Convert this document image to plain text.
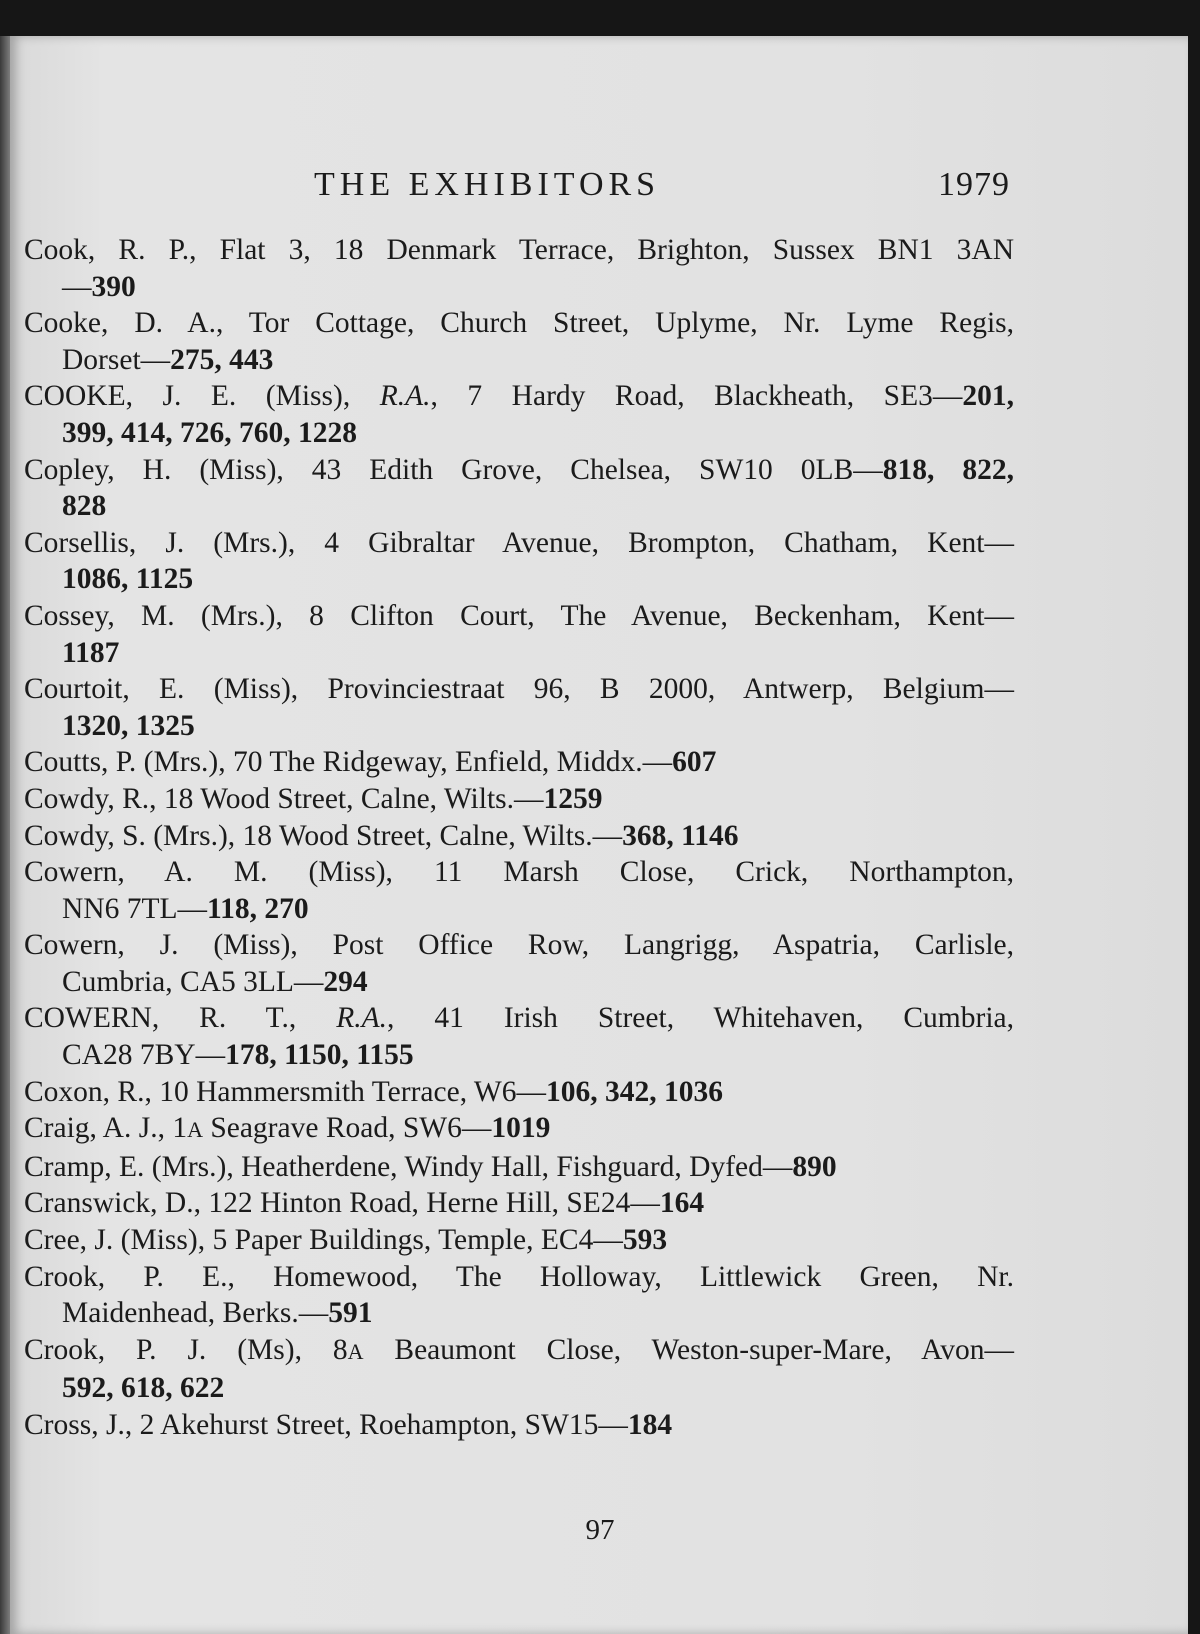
THE EXHIBITORS	1979
Cook, R. P., Flat 3, 18 Denmark Terrace, Brighton, Sussex BN1 3AN
—390
Cooke, D. A., Tor Cottage, Church Street, Uplyme, Nr. Lyme Regis,
Dorset—275, 443
COOKE, J. E. (Miss), R.A., 7 Hardy Road, Blackheath, SE3—201,
399, 414, 726, 760, 1228
Copley, H. (Miss), 43 Edith Grove, Chelsea, SW10 0LB—818, 822,
828
Corsellis, J. (Mrs.), 4 Gibraltar Avenue, Brompton, Chatham, Kent—
1086, 1125
Cossey, M. (Mrs.), 8 Clifton Court, The Avenue, Beckenham, Kent—
1187
Courtoit, E. (Miss), Provinciestraat 96, B 2000, Antwerp, Belgium—
1320, 1325
Coutts, P. (Mrs.), 70 The Ridgeway, Enfield, Middx.—607
Cowdy, R., 18 Wood Street, Calne, Wilts.—1259
Cowdy, S. (Mrs.), 18 Wood Street, Calne, Wilts.—368, 1146
Cowern, A. M. (Miss), 11 Marsh Close, Crick, Northampton,
NN6 7TL—118, 270
Cowern, J. (Miss), Post Office Row, Langrigg, Aspatria, Carlisle,
Cumbria, CA5 3LL—294
COWERN, R. T., R.A., 41 Irish Street, Whitehaven, Cumbria,
CA28 7BY—178, 1150, 1155
Coxon, R., 10 Hammersmith Terrace, W6—106, 342, 1036
Craig, A. J., 1A Seagrave Road, SW6—1019
Cramp, E. (Mrs.), Heatherdene, Windy Hall, Fishguard, Dyfed—890
Cranswick, D., 122 Hinton Road, Herne Hill, SE24—164
Cree, J. (Miss), 5 Paper Buildings, Temple, EC4—593
Crook, P. E., Homewood, The Holloway, Littlewick Green, Nr.
Maidenhead, Berks.—591
Crook, P. J. (Ms), 8A Beaumont Close, Weston-super-Mare, Avon—
592, 618, 622
Cross, J., 2 Akehurst Street, Roehampton, SW15—184
97
